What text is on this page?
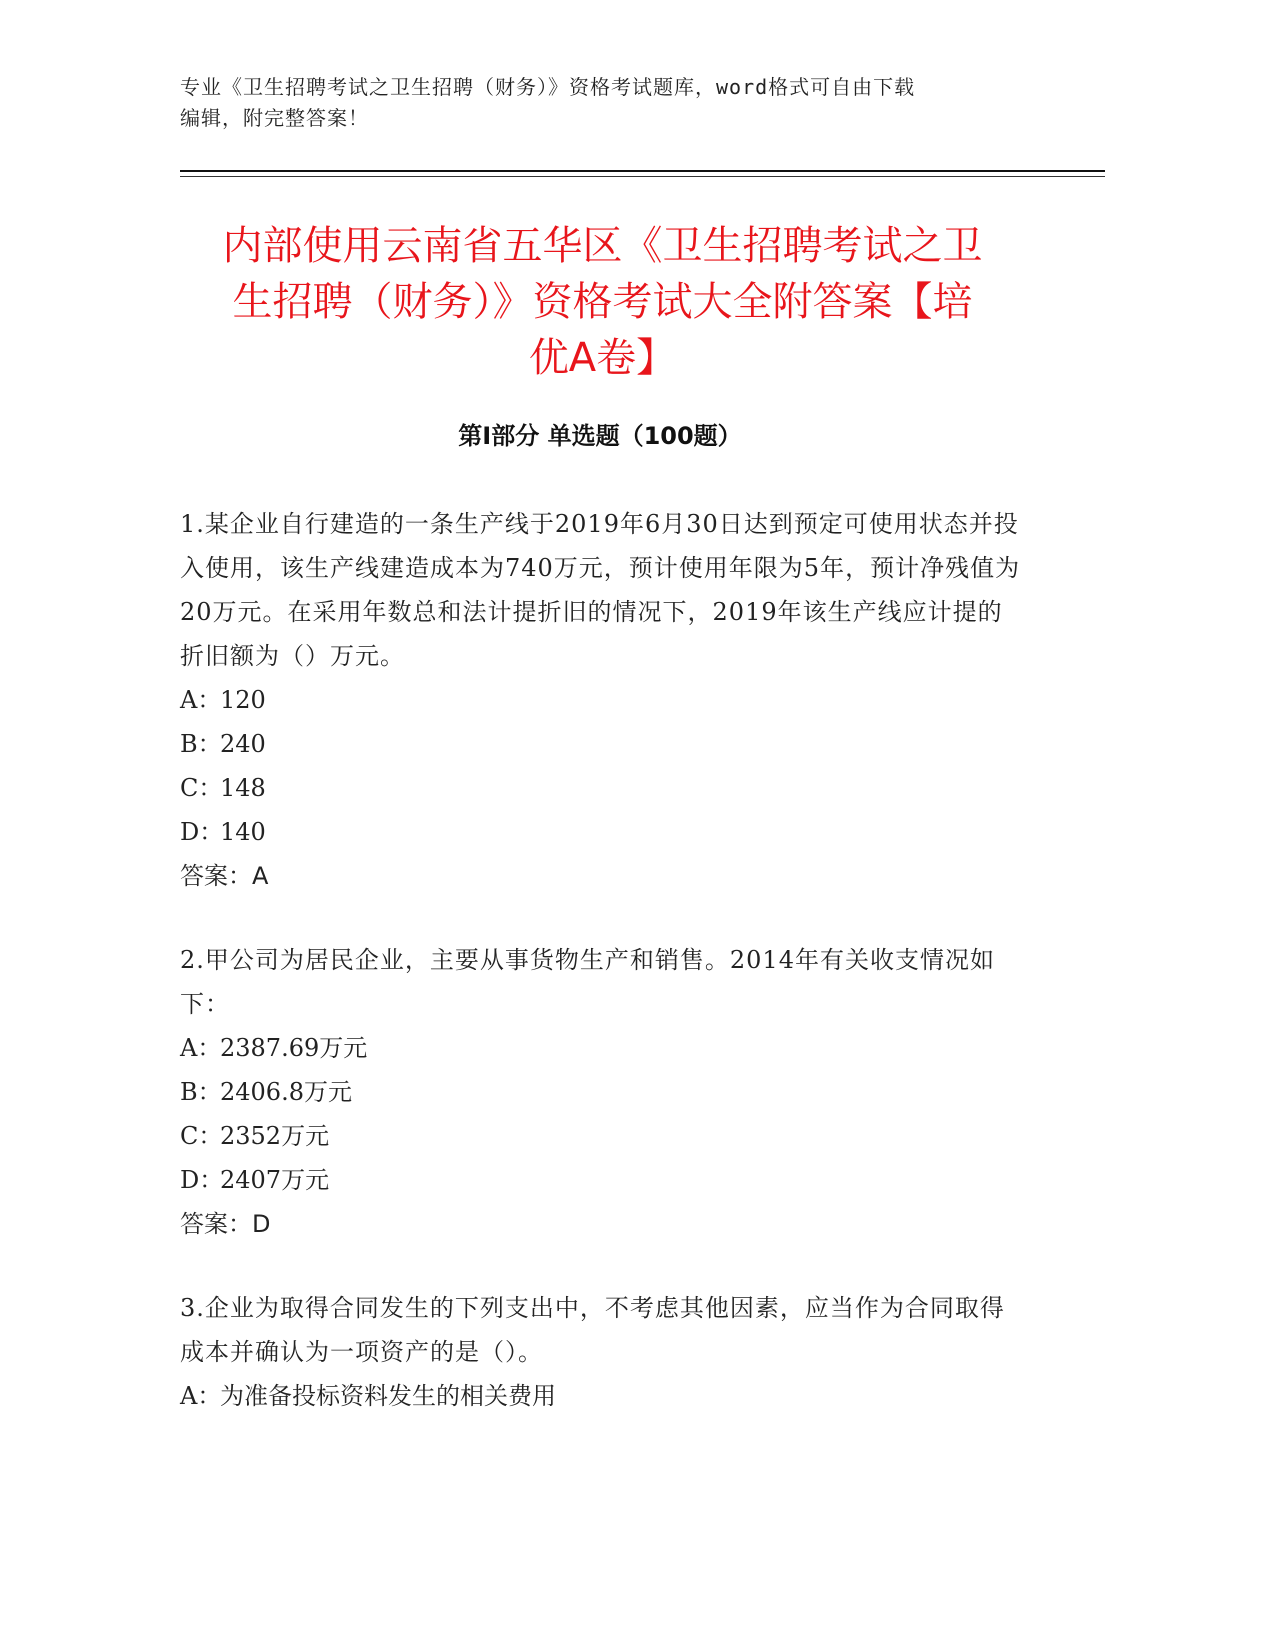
专业《卫生招聘考试之卫生招聘（财务）》资格考试题库，word格式可自由下载
编辑，附完整答案！
内部使用云南省五华区《卫生招聘考试之卫
生招聘（财务）》资格考试大全附答案【培
优A卷】
第I部分 单选题（100题）
1.某企业自行建造的一条生产线于2019年6月30日达到预定可使用状态并投入使用，该生产线建造成本为740万元，预计使用年限为5年，预计净残值为20万元。在采用年数总和法计提折旧的情况下，2019年该生产线应计提的折旧额为（）万元。
A：
120
B：
240
C：
148
D：
140
答案：A
2.甲公司为居民企业，主要从事货物生产和销售。2014年有关收支情况如下：
A：
2387.69万元
B：
2406.8万元
C：
2352万元
D：
2407万元
答案：D
3.企业为取得合同发生的下列支出中，不考虑其他因素，应当作为合同取得成本并确认为一项资产的是（）。
A：
为准备投标资料发生的相关费用
